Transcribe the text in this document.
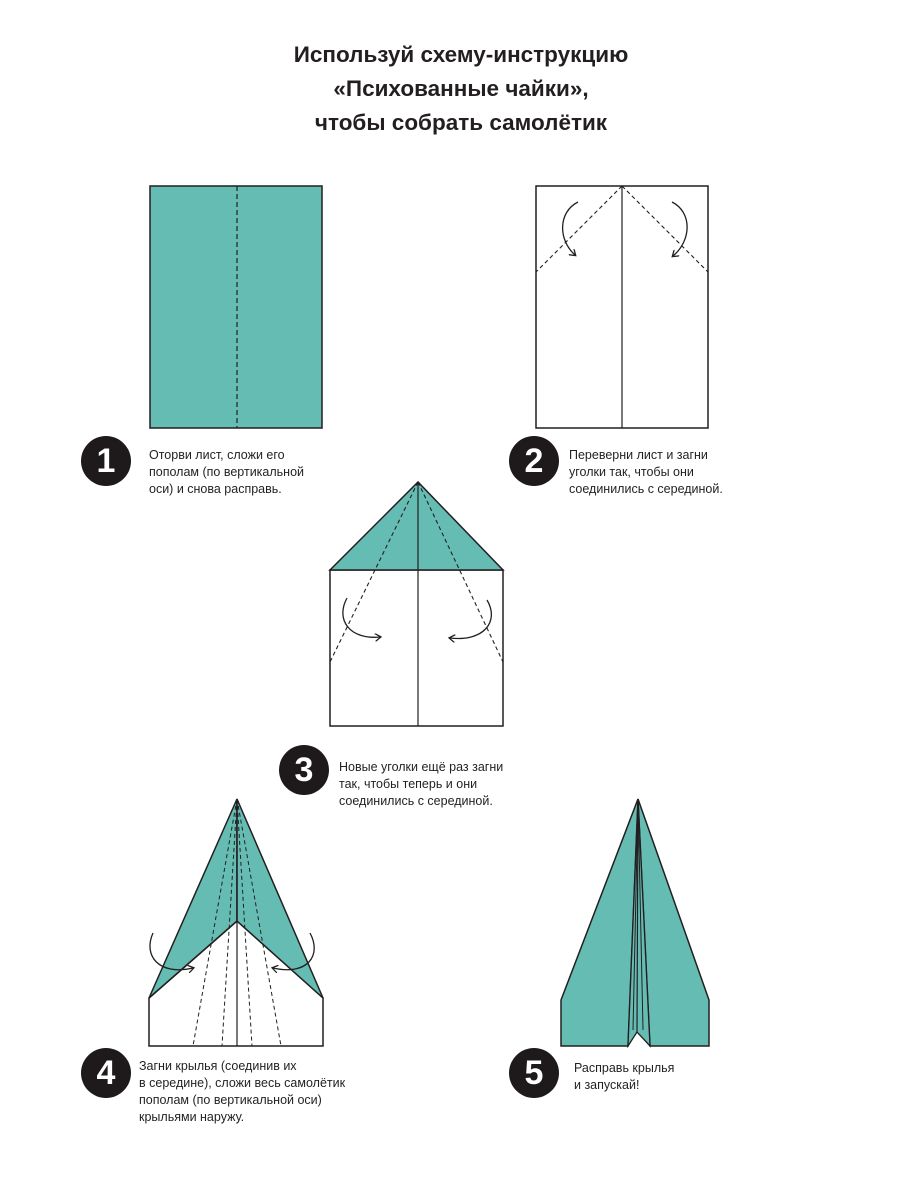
Используй схему-инструкцию
«Психованные чайки»,
чтобы собрать самолётик
1	Оторви лист, сложи его
пополам (по вертикальной
оси) и снова расправь.
2	Переверни лист и загни
уголки так, чтобы они
соединились с серединой.
3	Новые уголки ещё раз загни
так, чтобы теперь и они
соединились с серединой.
4	Загни крылья (соединив их
в середине), сложи весь самолётик
пополам (по вертикальной оси)
крыльями наружу.
5	Расправь крылья
и запускай!
